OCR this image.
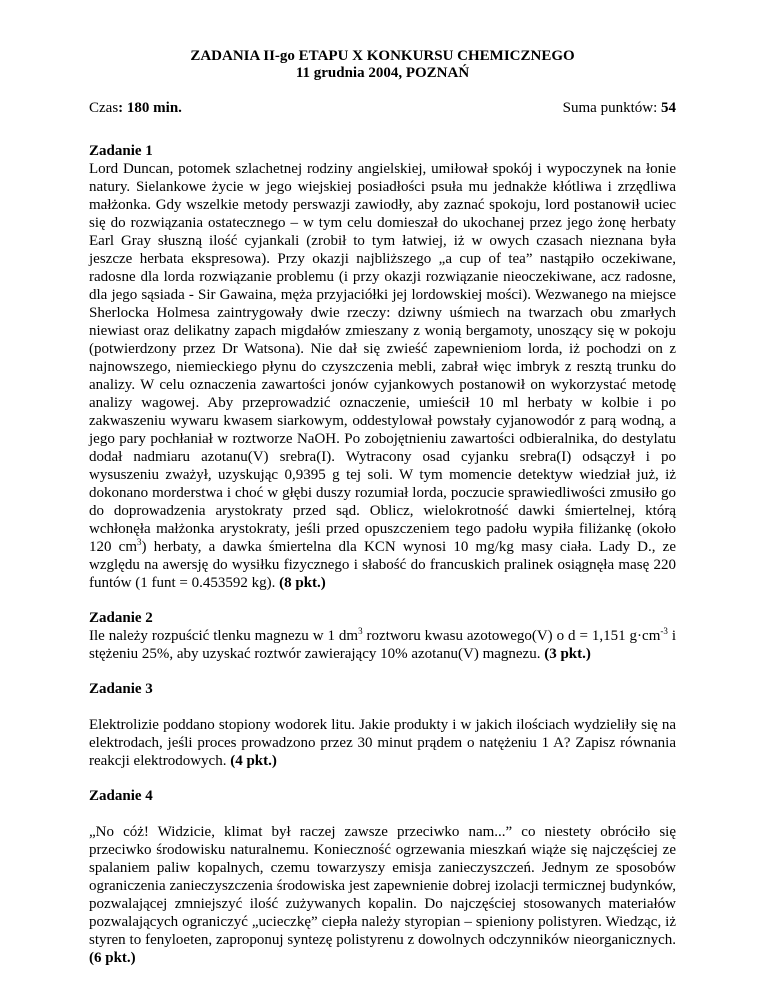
ZADANIA II-go ETAPU X KONKURSU CHEMICZNEGO
11 grudnia 2004, POZNAŃ

Czas: 180 min.	Suma punktów: 54

Zadanie 1

Lord Duncan, potomek szlachetnej rodziny angielskiej, umiłował spokój i wypoczynek na łonie natury. Sielankowe życie w jego wiejskiej posiadłości psuła mu jednakże kłótliwa i zrzędliwa małżonka. Gdy wszelkie metody perswazji zawiodły, aby zaznać spokoju, lord postanowił uciec się do rozwiązania ostatecznego – w tym celu domieszał do ukochanej przez jego żonę herbaty Earl Gray słuszną ilość cyjankali (zrobił to tym łatwiej, iż w owych czasach nieznana była jeszcze herbata ekspresowa). Przy okazji najbliższego „a cup of tea” nastąpiło oczekiwane, radosne dla lorda rozwiązanie problemu (i przy okazji rozwiązanie nieoczekiwane, acz radosne, dla jego sąsiada - Sir Gawaina, męża przyjaciółki jej lordowskiej mości). Wezwanego na miejsce Sherlocka Holmesa zaintrygowały dwie rzeczy: dziwny uśmiech na twarzach obu zmarłych niewiast oraz delikatny zapach migdałów zmieszany z wonią bergamoty, unoszący się w pokoju (potwierdzony przez Dr Watsona). Nie dał się zwieść zapewnieniom lorda, iż pochodzi on z najnowszego, niemieckiego płynu do czyszczenia mebli, zabrał więc imbryk z resztą trunku do analizy. W celu oznaczenia zawartości jonów cyjankowych postanowił on wykorzystać metodę analizy wagowej. Aby przeprowadzić oznaczenie, umieścił 10 ml herbaty w kolbie i po zakwaszeniu wywaru kwasem siarkowym, oddestylował powstały cyjanowodór z parą wodną, a jego pary pochłaniał w roztworze NaOH. Po zobojętnieniu zawartości odbieralnika, do destylatu dodał nadmiaru azotanu(V) srebra(I). Wytracony osad cyjanku srebra(I) odsączył i po wysuszeniu zważył, uzyskując 0,9395 g tej soli. W tym momencie detektyw wiedział już, iż dokonano morderstwa i choć w głębi duszy rozumiał lorda, poczucie sprawiedliwości zmusiło go do doprowadzenia arystokraty przed sąd. Oblicz, wielokrotność dawki śmiertelnej, którą wchłonęła małżonka arystokraty, jeśli przed opuszczeniem tego padołu wypiła filiżankę (około 120 $cm^3$) herbaty, a dawka śmiertelna dla KCN wynosi 10 mg/kg masy ciała. Lady D., ze względu na awersję do wysiłku fizycznego i słabość do francuskich pralinek osiągnęła masę 220 funtów (1 funt = 0.453592 kg). (8 pkt.)

Zadanie 2

Ile należy rozpuścić tlenku magnezu w 1 $dm^3$ roztworu kwasu azotowego(V) o d = 1,151 $g\cdot cm^{-3}$ i stężeniu 25%, aby uzyskać roztwór zawierający 10% azotanu(V) magnezu. (3 pkt.)

Zadanie 3

Elektrolizie poddano stopiony wodorek litu. Jakie produkty i w jakich ilościach wydzieliły się na elektrodach, jeśli proces prowadzono przez 30 minut prądem o natężeniu 1 A? Zapisz równania reakcji elektrodowych. (4 pkt.)

Zadanie 4

„No cóż! Widzicie, klimat był raczej zawsze przeciwko nam...” co niestety obróciło się przeciwko środowisku naturalnemu. Konieczność ogrzewania mieszkań wiąże się najczęściej ze spalaniem paliw kopalnych, czemu towarzyszy emisja zanieczyszczeń. Jednym ze sposobów ograniczenia zanieczyszczenia środowiska jest zapewnienie dobrej izolacji termicznej budynków, pozwalającej zmniejszyć ilość zużywanych kopalin. Do najczęściej stosowanych materiałów pozwalających ograniczyć „ucieczkę” ciepła należy styropian – spieniony polistyren. Wiedząc, iż styren to fenyloeten, zaproponuj syntezę polistyrenu z dowolnych odczynników nieorganicznych. (6 pkt.)
